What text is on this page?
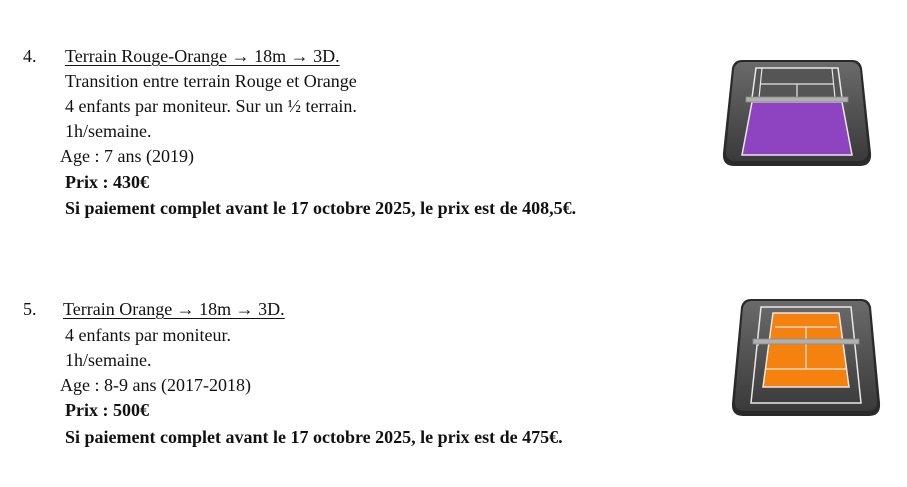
4. Terrain Rouge-Orange → 18m → 3D.
Transition entre terrain Rouge et Orange
4 enfants par moniteur. Sur un ½ terrain.
1h/semaine.
Age : 7 ans (2019)
Prix : 430€
Si paiement complet avant le 17 octobre 2025, le prix est de 408,5€.
5. Terrain Orange → 18m → 3D.
4 enfants par moniteur.
1h/semaine.
Age : 8-9 ans (2017-2018)
Prix : 500€
Si paiement complet avant le 17 octobre 2025, le prix est de 475€.
